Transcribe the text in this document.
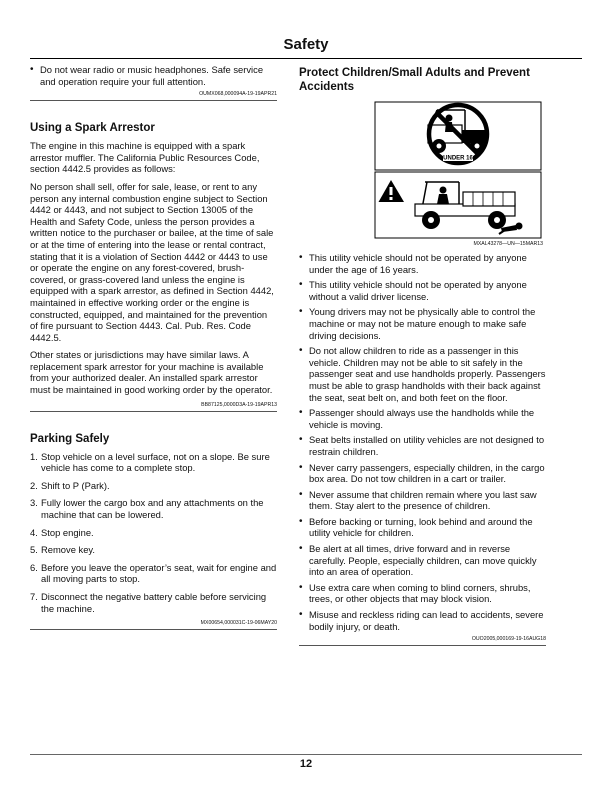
Safety
• Do not wear radio or music headphones. Safe service and operation require your full attention.
OUMX068,000094A-19-19APR21
Using a Spark Arrestor

The engine in this machine is equipped with a spark arrestor muffler. The California Public Resources Code, section 4442.5 provides as follows:

No person shall sell, offer for sale, lease, or rent to any person any internal combustion engine subject to Section 4442 or 4443, and not subject to Section 13005 of the Health and Safety Code, unless the person provides a written notice to the purchaser or bailee, at the time of sale or at the time of entering into the lease or rental contract, stating that it is a violation of Section 4442 or 4443 to use or operate the engine on any forest-covered, brush-covered, or grass-covered land unless the engine is equipped with a spark arrestor, as defined in Section 4442, maintained in effective working order or the engine is constructed, equipped, and maintained for the prevention of fire pursuant to Section 4443. Cal. Pub. Res. Code 4442.5.

Other states or jurisdictions may have similar laws. A replacement spark arrestor for your machine is available from your authorized dealer. An installed spark arrestor must be maintained in good working order by the operator.

BB87125,0000D3A-19-19APR13
Parking Safely
1. Stop vehicle on a level surface, not on a slope. Be sure vehicle has come to a complete stop.
2. Shift to P (Park).
3. Fully lower the cargo box and any attachments on the machine that can be lowered.
4. Stop engine.
5. Remove key.
6. Before you leave the operator’s seat, wait for engine and all moving parts to stop.
7. Disconnect the negative battery cable before servicing the machine.
MX00654,000031C-19-06MAY20
Protect Children/Small Adults and Prevent Accidents
UNDER 16
MXAL43278—UN—15MAR13
• This utility vehicle should not be operated by anyone under the age of 16 years.
• This utility vehicle should not be operated by anyone without a valid driver license.
• Young drivers may not be physically able to control the machine or may not be mature enough to make safe driving decisions.
• Do not allow children to ride as a passenger in this vehicle. Children may not be able to sit safely in the passenger seat and use handholds properly. Passengers must be able to grasp handholds with their back against the seat, seat belt on, and both feet on the floor.
• Passenger should always use the handholds while the vehicle is moving.
• Seat belts installed on utility vehicles are not designed to restrain children.
• Never carry passengers, especially children, in the cargo box area. Do not tow children in a cart or trailer.
• Never assume that children remain where you last saw them. Stay alert to the presence of children.
• Before backing or turning, look behind and around the utility vehicle for children.
• Be alert at all times, drive forward and in reverse carefully. People, especially children, can move quickly into an area of operation.
• Use extra care when coming to blind corners, shrubs, trees, or other objects that may block vision.
• Misuse and reckless riding can lead to accidents, severe bodily injury, or death.
OUO2005,000169-19-16AUG18
12
